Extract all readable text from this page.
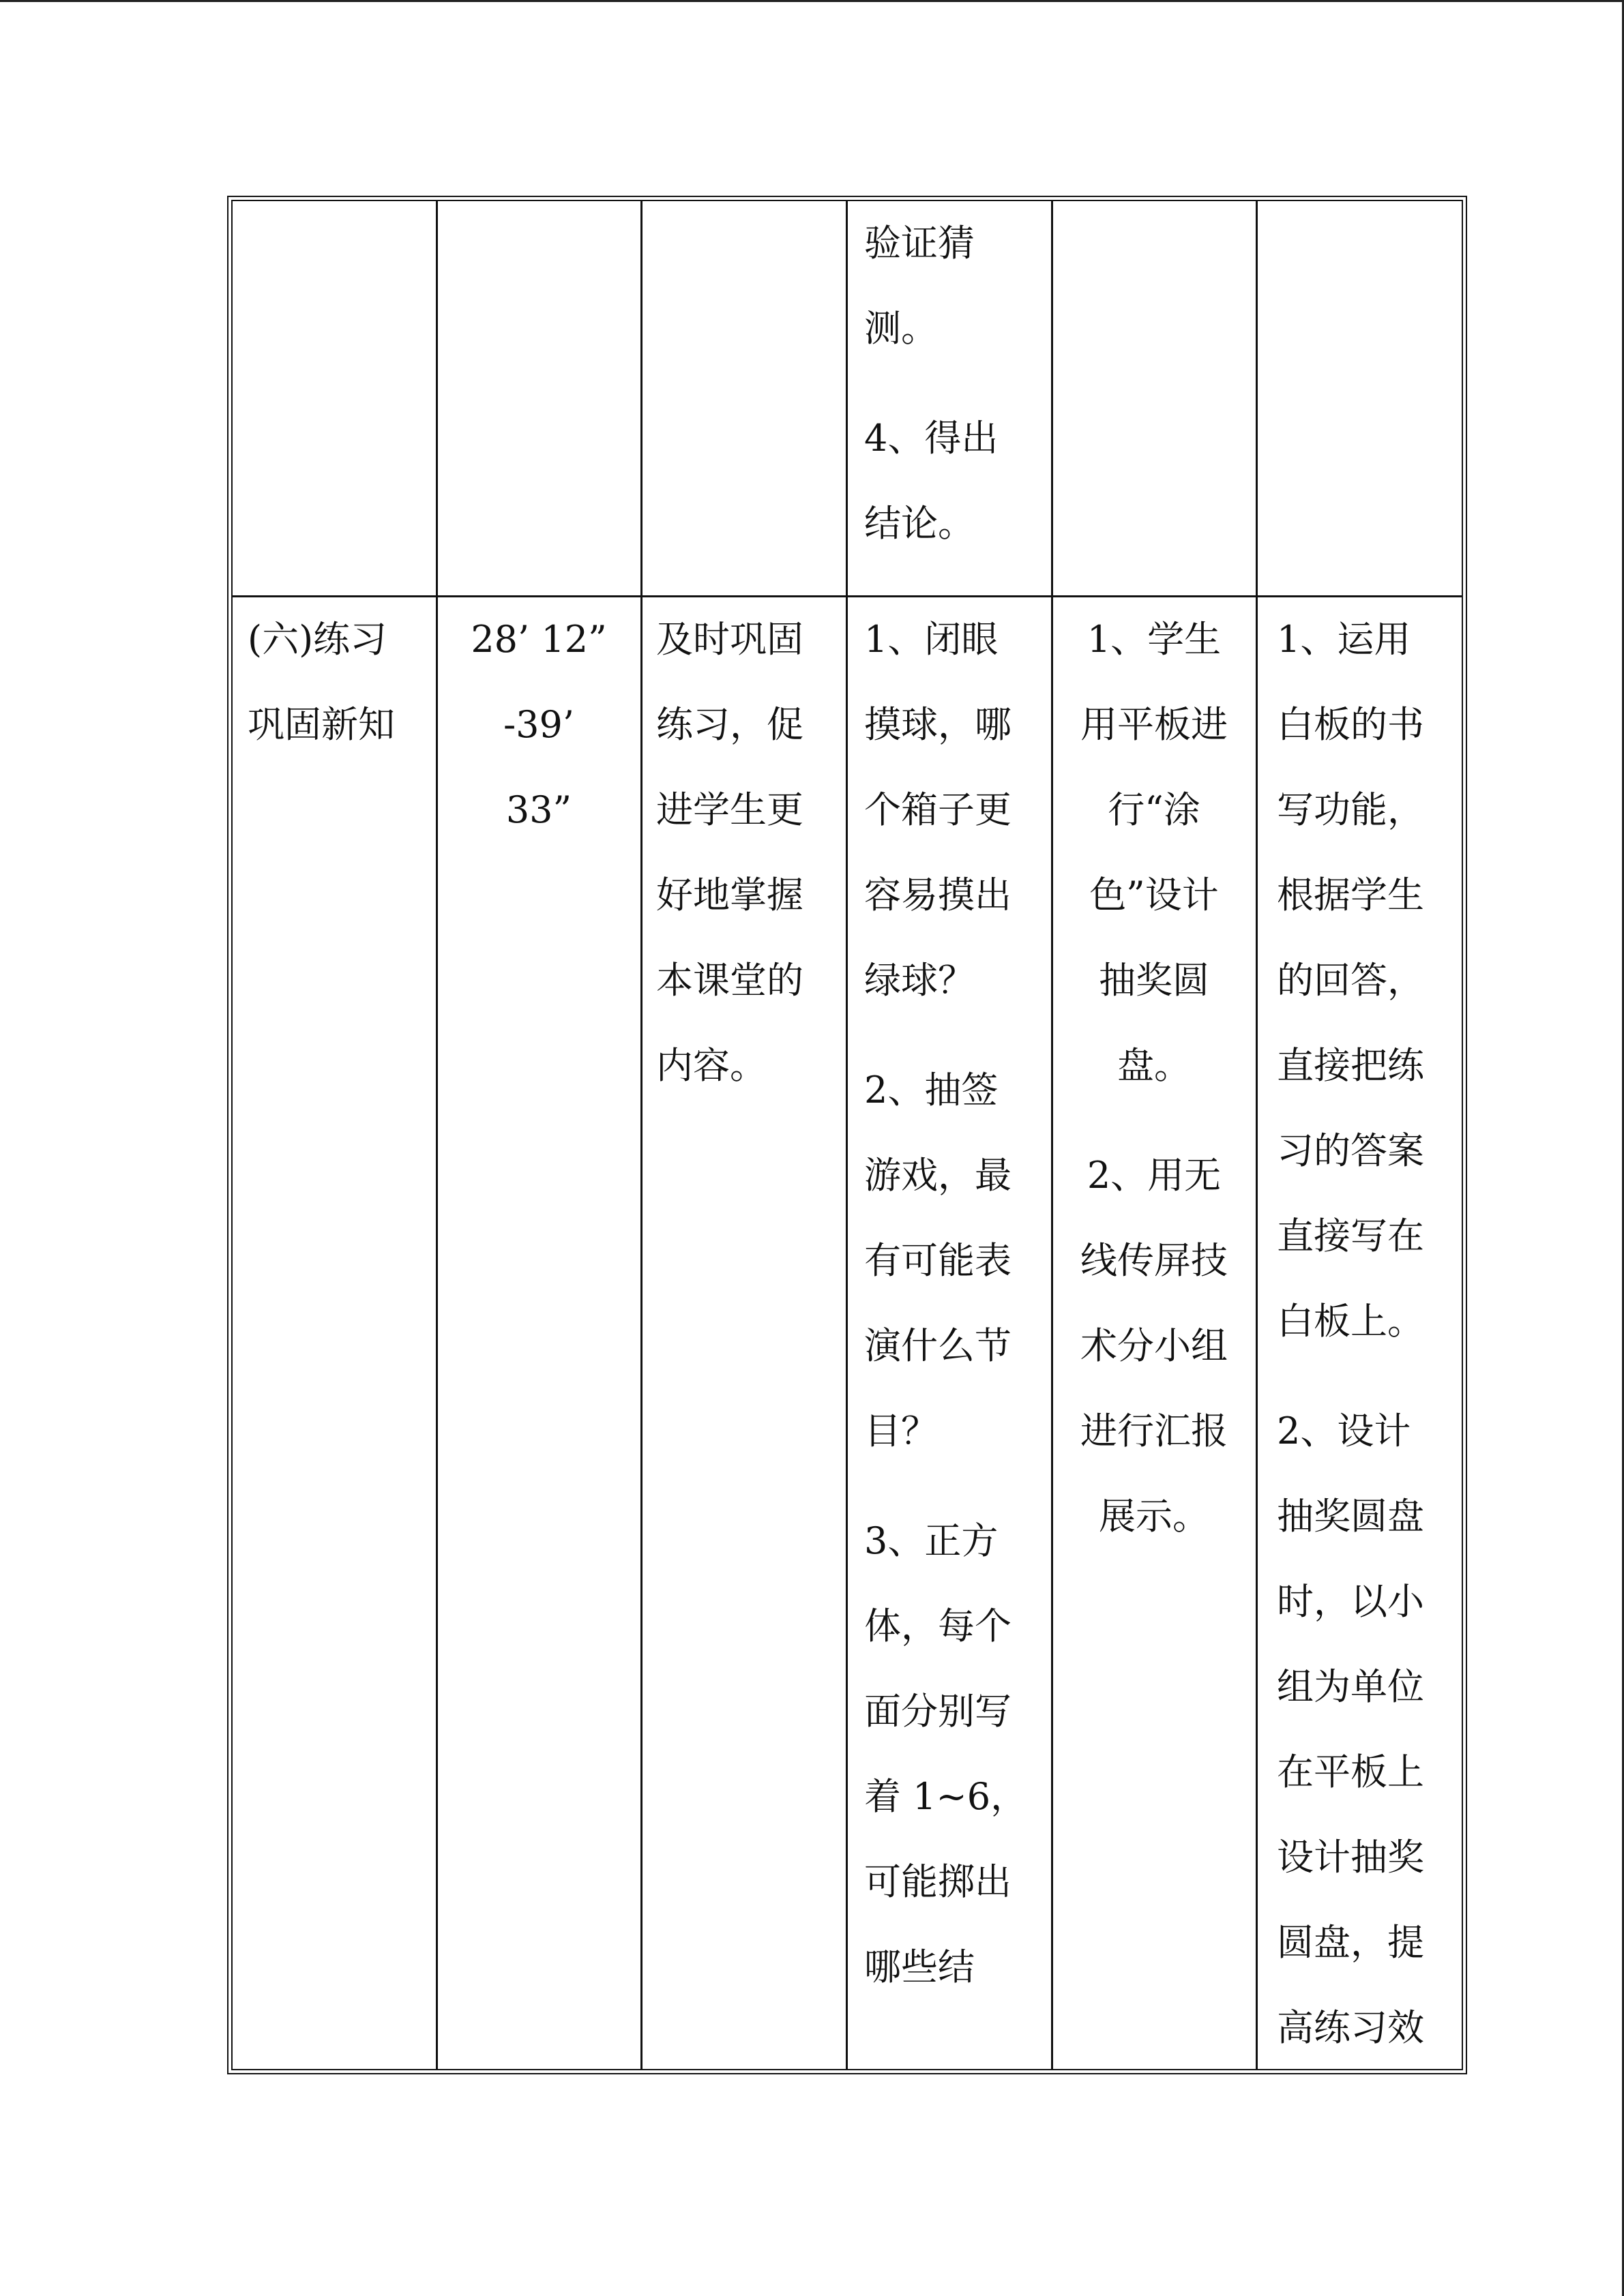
验证猜
测。

4、得出
结论。

(六)练习
巩固新知

28’ 12”
-39’
33”

及时巩固
练习，促
进学生更
好地掌握
本课堂的
内容。

1、闭眼
摸球，哪
个箱子更
容易摸出
绿球？

2、抽签
游戏，最
有可能表
演什么节
目？

3、正方
体，每个
面分别写
着 1~6，
可能掷出
哪些结

1、学生
用平板进
行“涂
色”设计
抽奖圆
盘。

2、用无
线传屏技
术分小组
进行汇报
展示。

1、运用
白板的书
写功能，
根据学生
的回答，
直接把练
习的答案
直接写在
白板上。

2、设计
抽奖圆盘
时，以小
组为单位
在平板上
设计抽奖
圆盘，提
高练习效
